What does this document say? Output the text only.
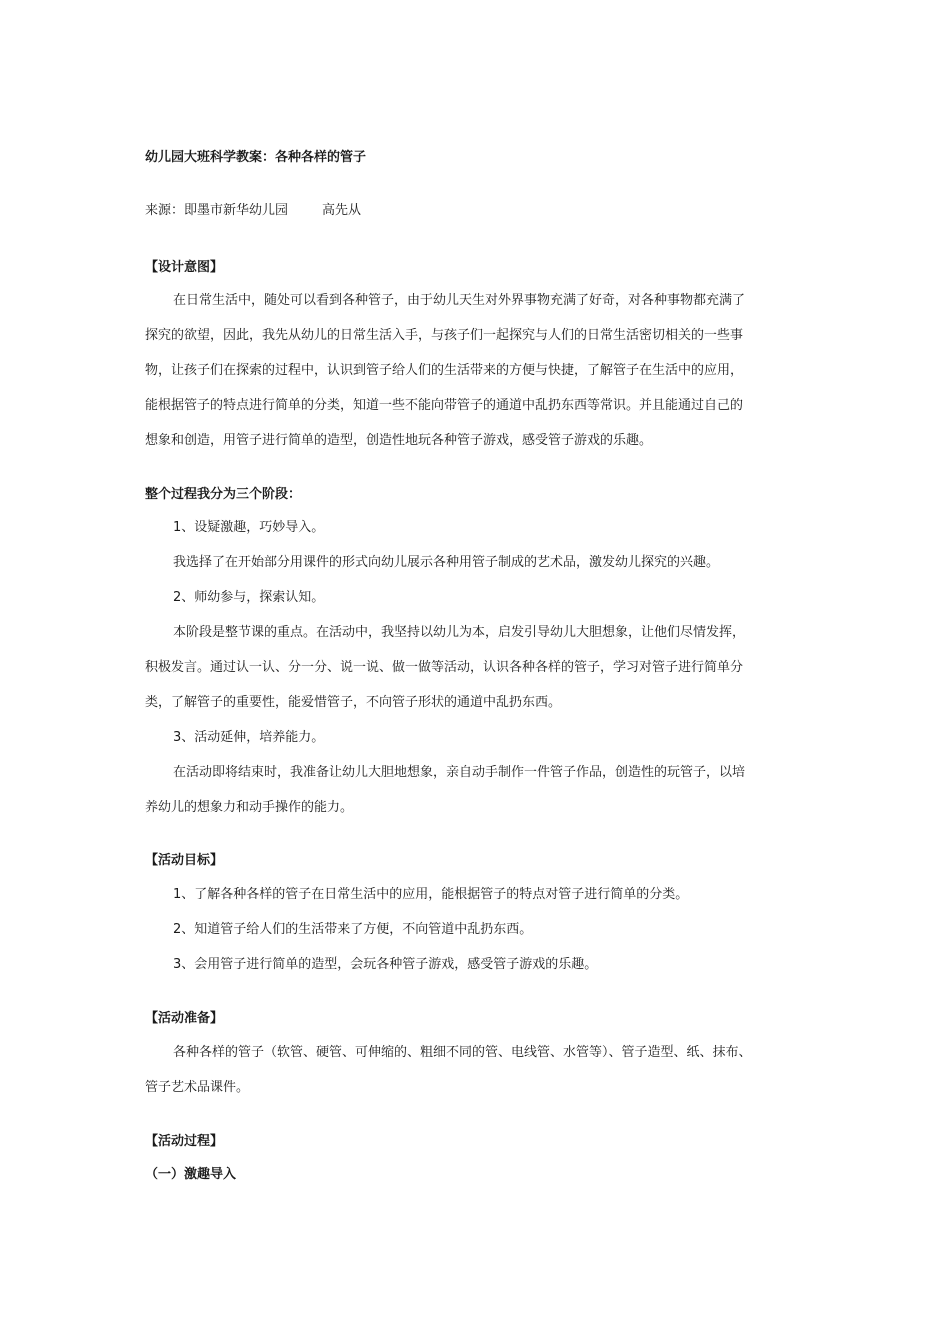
幼儿园大班科学教案：各种各样的管子
来源：即墨市新华幼儿园	高先从
【设计意图】
在日常生活中，随处可以看到各种管子，由于幼儿天生对外界事物充满了好奇，对各种事物都充满了
探究的欲望，因此，我先从幼儿的日常生活入手，与孩子们一起探究与人们的日常生活密切相关的一些事
物，让孩子们在探索的过程中，认识到管子给人们的生活带来的方便与快捷，了解管子在生活中的应用，
能根据管子的特点进行简单的分类，知道一些不能向带管子的通道中乱扔东西等常识。并且能通过自己的
想象和创造，用管子进行简单的造型，创造性地玩各种管子游戏，感受管子游戏的乐趣。
整个过程我分为三个阶段：
1、设疑激趣，巧妙导入。
我选择了在开始部分用课件的形式向幼儿展示各种用管子制成的艺术品，激发幼儿探究的兴趣。
2、师幼参与，探索认知。
本阶段是整节课的重点。在活动中，我坚持以幼儿为本，启发引导幼儿大胆想象，让他们尽情发挥，
积极发言。通过认一认、分一分、说一说、做一做等活动，认识各种各样的管子，学习对管子进行简单分
类，了解管子的重要性，能爱惜管子，不向管子形状的通道中乱扔东西。
3、活动延伸，培养能力。
在活动即将结束时，我准备让幼儿大胆地想象，亲自动手制作一件管子作品，创造性的玩管子，以培
养幼儿的想象力和动手操作的能力。
【活动目标】
1、了解各种各样的管子在日常生活中的应用，能根据管子的特点对管子进行简单的分类。
2、知道管子给人们的生活带来了方便，不向管道中乱扔东西。
3、会用管子进行简单的造型，会玩各种管子游戏，感受管子游戏的乐趣。
【活动准备】
各种各样的管子（软管、硬管、可伸缩的、粗细不同的管、电线管、水管等）、管子造型、纸、抹布、
管子艺术品课件。
【活动过程】
（一）激趣导入
